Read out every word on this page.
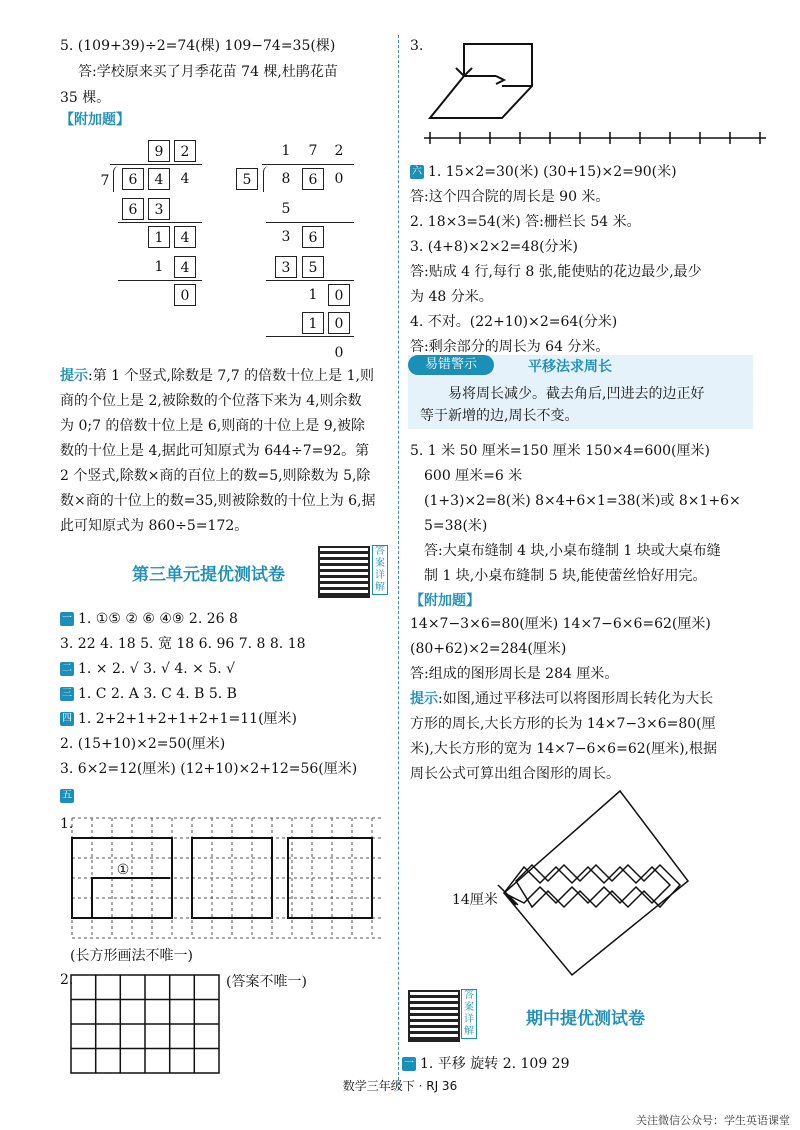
5. (109+39)÷2=74(棵) 109−74=35(棵)
答:学校原来买了月季花苗 74 棵,杜鹃花苗
35 棵。
【附加题】
9	2
7	6	4	4
6	3
1	4
1	4
0
1	7	2
5	8	6	0
5
3	6
3	5
1	0
1	0
0
提示:第 1 个竖式,除数是 7,7 的倍数十位上是 1,则
商的个位上是 2,被除数的个位落下来为 4,则余数
为 0;7 的倍数十位上是 6,则商的十位上是 9,被除
数的十位上是 4,据此可知原式为 644÷7=92。第
2 个竖式,除数×商的百位上的数=5,则除数为 5,除
数×商的十位上的数=35,则被除数的十位上为 6,据
此可知原式为 860÷5=172。
第三单元提优测试卷
答案详解
一 1. ①⑤ ② ⑥ ④⑨ 2. 26 8
3. 22 4. 18 5. 宽 18 6. 96 7. 8 8. 18
二 1. × 2. √ 3. √ 4. × 5. √
三 1. C 2. A 3. C 4. B 5. B
四 1. 2+2+1+2+1+2+1=11(厘米)
2. (15+10)×2=50(厘米)
3. 6×2=12(厘米) (12+10)×2+12=56(厘米)
五
1.
①
(长方形画法不唯一)
2.	(答案不唯一)
3.
六 1. 15×2=30(米) (30+15)×2=90(米)
答:这个四合院的周长是 90 米。
2. 18×3=54(米) 答:栅栏长 54 米。
3. (4+8)×2×2=48(分米)
答:贴成 4 行,每行 8 张,能使贴的花边最少,最少
为 48 分米。
4. 不对。(22+10)×2=64(分米)
答:剩余部分的周长为 64 分米。
易错警示	平移法求周长
易将周长减少。截去角后,凹进去的边正好
等于新增的边,周长不变。
5. 1 米 50 厘米=150 厘米 150×4=600(厘米)
600 厘米=6 米
(1+3)×2=8(米) 8×4+6×1=38(米)或 8×1+6×
5=38(米)
答:大桌布缝制 4 块,小桌布缝制 1 块或大桌布缝
制 1 块,小桌布缝制 5 块,能使蕾丝恰好用完。
【附加题】
14×7−3×6=80(厘米) 14×7−6×6=62(厘米)
(80+62)×2=284(厘米)
答:组成的图形周长是 284 厘米。
提示:如图,通过平移法可以将图形周长转化为大长
方形的周长,大长方形的长为 14×7−3×6=80(厘
米),大长方形的宽为 14×7−6×6=62(厘米),根据
周长公式可算出组合图形的周长。
14厘米
答案详解
期中提优测试卷
一 1. 平移 旋转 2. 109 29
数学三年级下 · RJ 36
关注微信公众号：学生英语课堂
